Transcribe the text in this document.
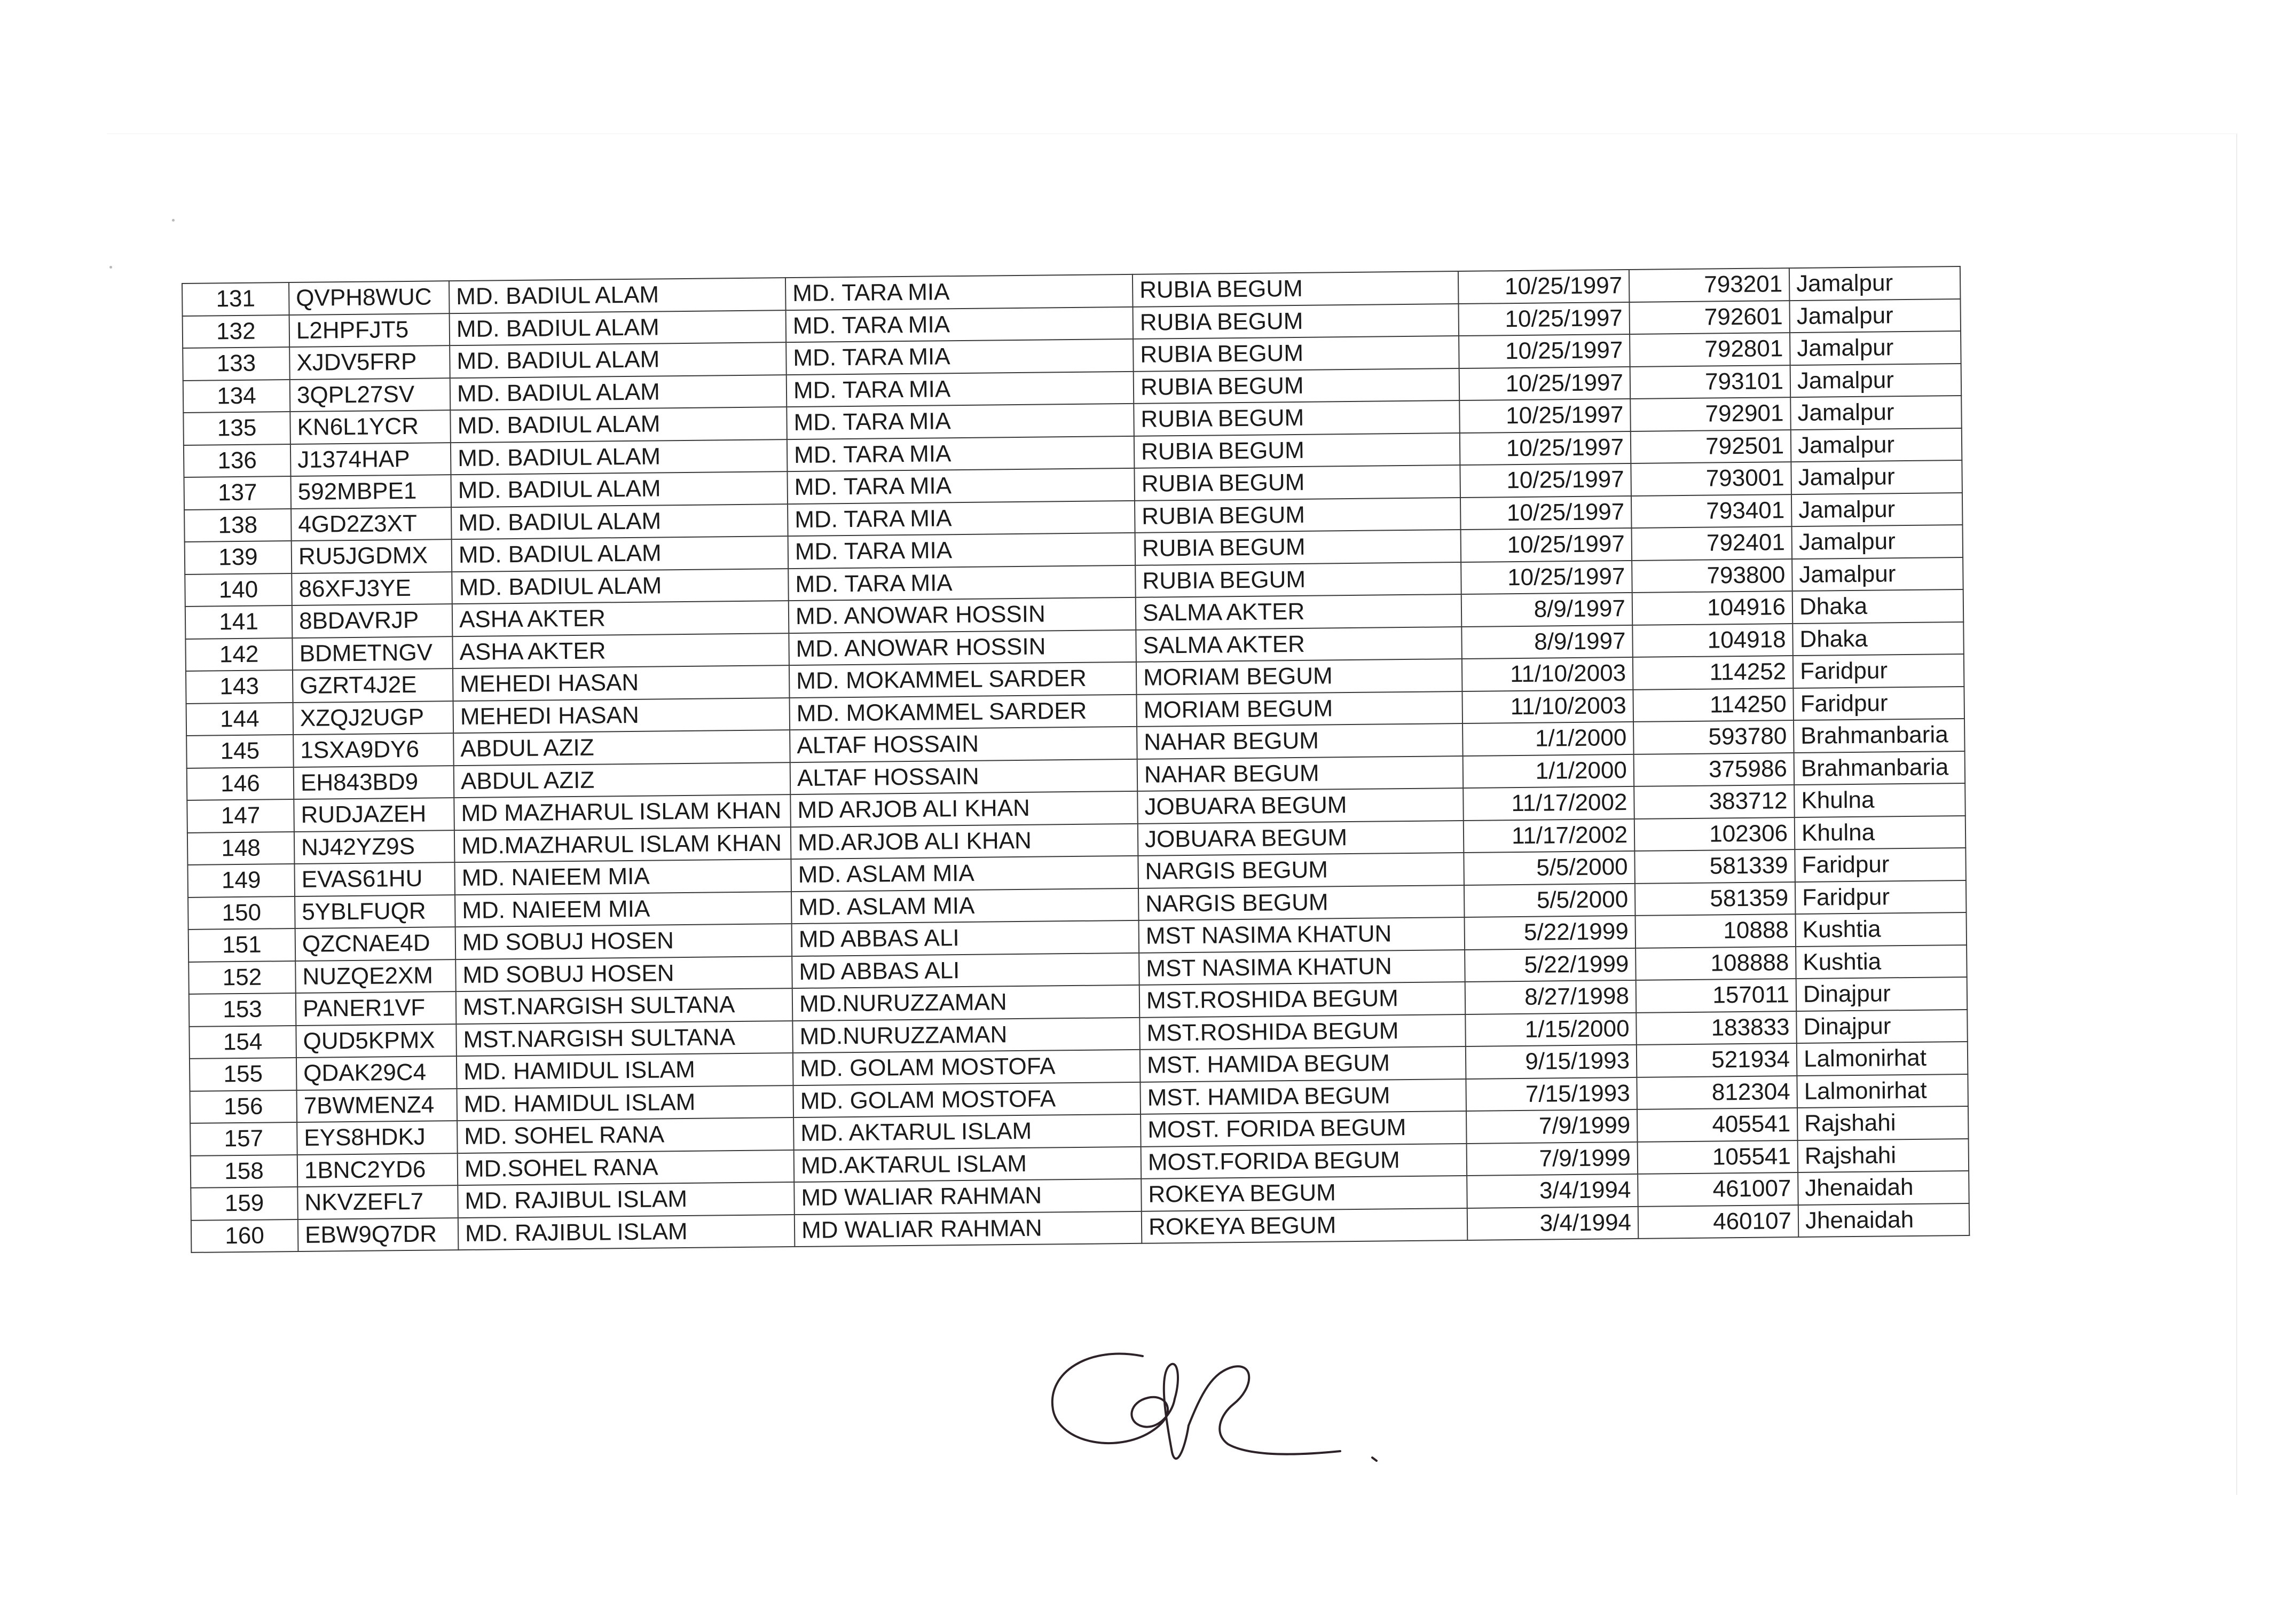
131	QVPH8WUC	MD. BADIUL ALAM	MD. TARA MIA	RUBIA BEGUM	10/25/1997	793201	Jamalpur
132	L2HPFJT5	MD. BADIUL ALAM	MD. TARA MIA	RUBIA BEGUM	10/25/1997	792601	Jamalpur
133	XJDV5FRP	MD. BADIUL ALAM	MD. TARA MIA	RUBIA BEGUM	10/25/1997	792801	Jamalpur
134	3QPL27SV	MD. BADIUL ALAM	MD. TARA MIA	RUBIA BEGUM	10/25/1997	793101	Jamalpur
135	KN6L1YCR	MD. BADIUL ALAM	MD. TARA MIA	RUBIA BEGUM	10/25/1997	792901	Jamalpur
136	J1374HAP	MD. BADIUL ALAM	MD. TARA MIA	RUBIA BEGUM	10/25/1997	792501	Jamalpur
137	592MBPE1	MD. BADIUL ALAM	MD. TARA MIA	RUBIA BEGUM	10/25/1997	793001	Jamalpur
138	4GD2Z3XT	MD. BADIUL ALAM	MD. TARA MIA	RUBIA BEGUM	10/25/1997	793401	Jamalpur
139	RU5JGDMX	MD. BADIUL ALAM	MD. TARA MIA	RUBIA BEGUM	10/25/1997	792401	Jamalpur
140	86XFJ3YE	MD. BADIUL ALAM	MD. TARA MIA	RUBIA BEGUM	10/25/1997	793800	Jamalpur
141	8BDAVRJP	ASHA AKTER	MD. ANOWAR HOSSIN	SALMA AKTER	8/9/1997	104916	Dhaka
142	BDMETNGV	ASHA AKTER	MD. ANOWAR HOSSIN	SALMA AKTER	8/9/1997	104918	Dhaka
143	GZRT4J2E	MEHEDI HASAN	MD. MOKAMMEL SARDER	MORIAM BEGUM	11/10/2003	114252	Faridpur
144	XZQJ2UGP	MEHEDI HASAN	MD. MOKAMMEL SARDER	MORIAM BEGUM	11/10/2003	114250	Faridpur
145	1SXA9DY6	ABDUL AZIZ	ALTAF HOSSAIN	NAHAR BEGUM	1/1/2000	593780	Brahmanbaria
146	EH843BD9	ABDUL AZIZ	ALTAF HOSSAIN	NAHAR BEGUM	1/1/2000	375986	Brahmanbaria
147	RUDJAZEH	MD MAZHARUL ISLAM KHAN	MD ARJOB ALI KHAN	JOBUARA BEGUM	11/17/2002	383712	Khulna
148	NJ42YZ9S	MD.MAZHARUL ISLAM KHAN	MD.ARJOB ALI KHAN	JOBUARA BEGUM	11/17/2002	102306	Khulna
149	EVAS61HU	MD. NAIEEM MIA	MD. ASLAM MIA	NARGIS BEGUM	5/5/2000	581339	Faridpur
150	5YBLFUQR	MD. NAIEEM MIA	MD. ASLAM MIA	NARGIS BEGUM	5/5/2000	581359	Faridpur
151	QZCNAE4D	MD SOBUJ HOSEN	MD ABBAS ALI	MST NASIMA KHATUN	5/22/1999	10888	Kushtia
152	NUZQE2XM	MD SOBUJ HOSEN	MD ABBAS ALI	MST NASIMA KHATUN	5/22/1999	108888	Kushtia
153	PANER1VF	MST.NARGISH SULTANA	MD.NURUZZAMAN	MST.ROSHIDA BEGUM	8/27/1998	157011	Dinajpur
154	QUD5KPMX	MST.NARGISH SULTANA	MD.NURUZZAMAN	MST.ROSHIDA BEGUM	1/15/2000	183833	Dinajpur
155	QDAK29C4	MD. HAMIDUL ISLAM	MD. GOLAM MOSTOFA	MST. HAMIDA BEGUM	9/15/1993	521934	Lalmonirhat
156	7BWMENZ4	MD. HAMIDUL ISLAM	MD. GOLAM MOSTOFA	MST. HAMIDA BEGUM	7/15/1993	812304	Lalmonirhat
157	EYS8HDKJ	MD. SOHEL RANA	MD. AKTARUL ISLAM	MOST. FORIDA BEGUM	7/9/1999	405541	Rajshahi
158	1BNC2YD6	MD.SOHEL RANA	MD.AKTARUL ISLAM	MOST.FORIDA BEGUM	7/9/1999	105541	Rajshahi
159	NKVZEFL7	MD. RAJIBUL ISLAM	MD WALIAR RAHMAN	ROKEYA BEGUM	3/4/1994	461007	Jhenaidah
160	EBW9Q7DR	MD. RAJIBUL ISLAM	MD WALIAR RAHMAN	ROKEYA BEGUM	3/4/1994	460107	Jhenaidah
